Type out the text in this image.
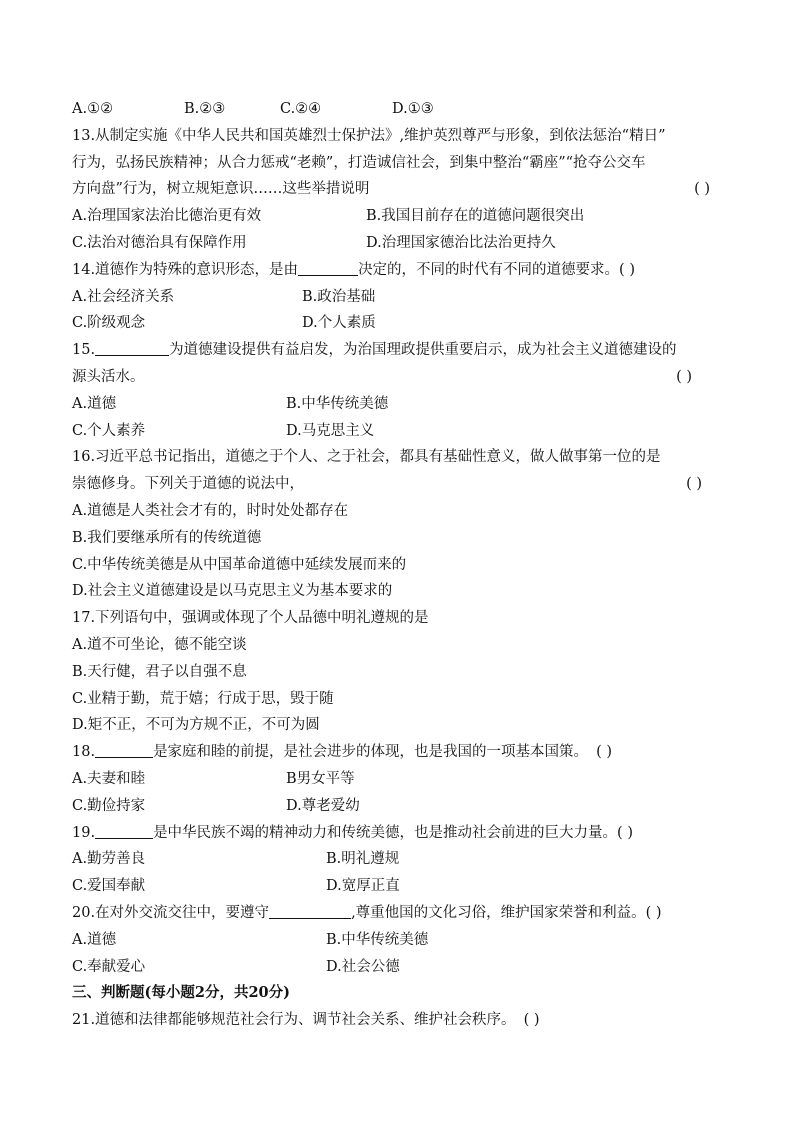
A.①②	B.②③	C.②④	D.①③
13.从制定实施《中华人民共和国英雄烈士保护法》,维护英烈尊严与形象，到依法惩治“精日”
行为，弘扬民族精神；从合力惩戒“老赖”，打造诚信社会，到集中整治“霸座”“抢夺公交车
方向盘”行为，树立规矩意识……这些举措说明	( )
A.治理国家法治比德治更有效	B.我国目前存在的道德问题很突出
C.法治对德治具有保障作用	D.治理国家德治比法治更持久
14.道德作为特殊的意识形态，是由	决定的，不同的时代有不同的道德要求。( )
A.社会经济关系	B.政治基础
C.阶级观念	D.个人素质
15.	为道德建设提供有益启发，为治国理政提供重要启示，成为社会主义道德建设的
源头活水。	( )
A.道德	B.中华传统美德
C.个人素养	D.马克思主义
16.习近平总书记指出，道德之于个人、之于社会，都具有基础性意义，做人做事第一位的是
崇德修身。下列关于道德的说法中，	( )
A.道德是人类社会才有的，时时处处都存在
B.我们要继承所有的传统道德
C.中华传统美德是从中国革命道德中延续发展而来的
D.社会主义道德建设是以马克思主义为基本要求的
17.下列语句中，强调或体现了个人品德中明礼遵规的是
A.道不可坐论，德不能空谈
B.天行健，君子以自强不息
C.业精于勤，荒于嬉；行成于思，毁于随
D.矩不正，不可为方规不正，不可为圆
18.	是家庭和睦的前提，是社会进步的体现，也是我国的一项基本国策。 ( )
A.夫妻和睦	B男女平等
C.勤俭持家	D.尊老爱幼
19.	是中华民族不竭的精神动力和传统美德，也是推动社会前进的巨大力量。( )
A.勤劳善良	B.明礼遵规
C.爱国奉献	D.宽厚正直
20.在对外交流交往中，要遵守	,尊重他国的文化习俗，维护国家荣誉和利益。( )
A.道德	B.中华传统美德
C.奉献爱心	D.社会公德
三、判断题(每小题2分，共20分)
21.道德和法律都能够规范社会行为、调节社会关系、维护社会秩序。 ( )
